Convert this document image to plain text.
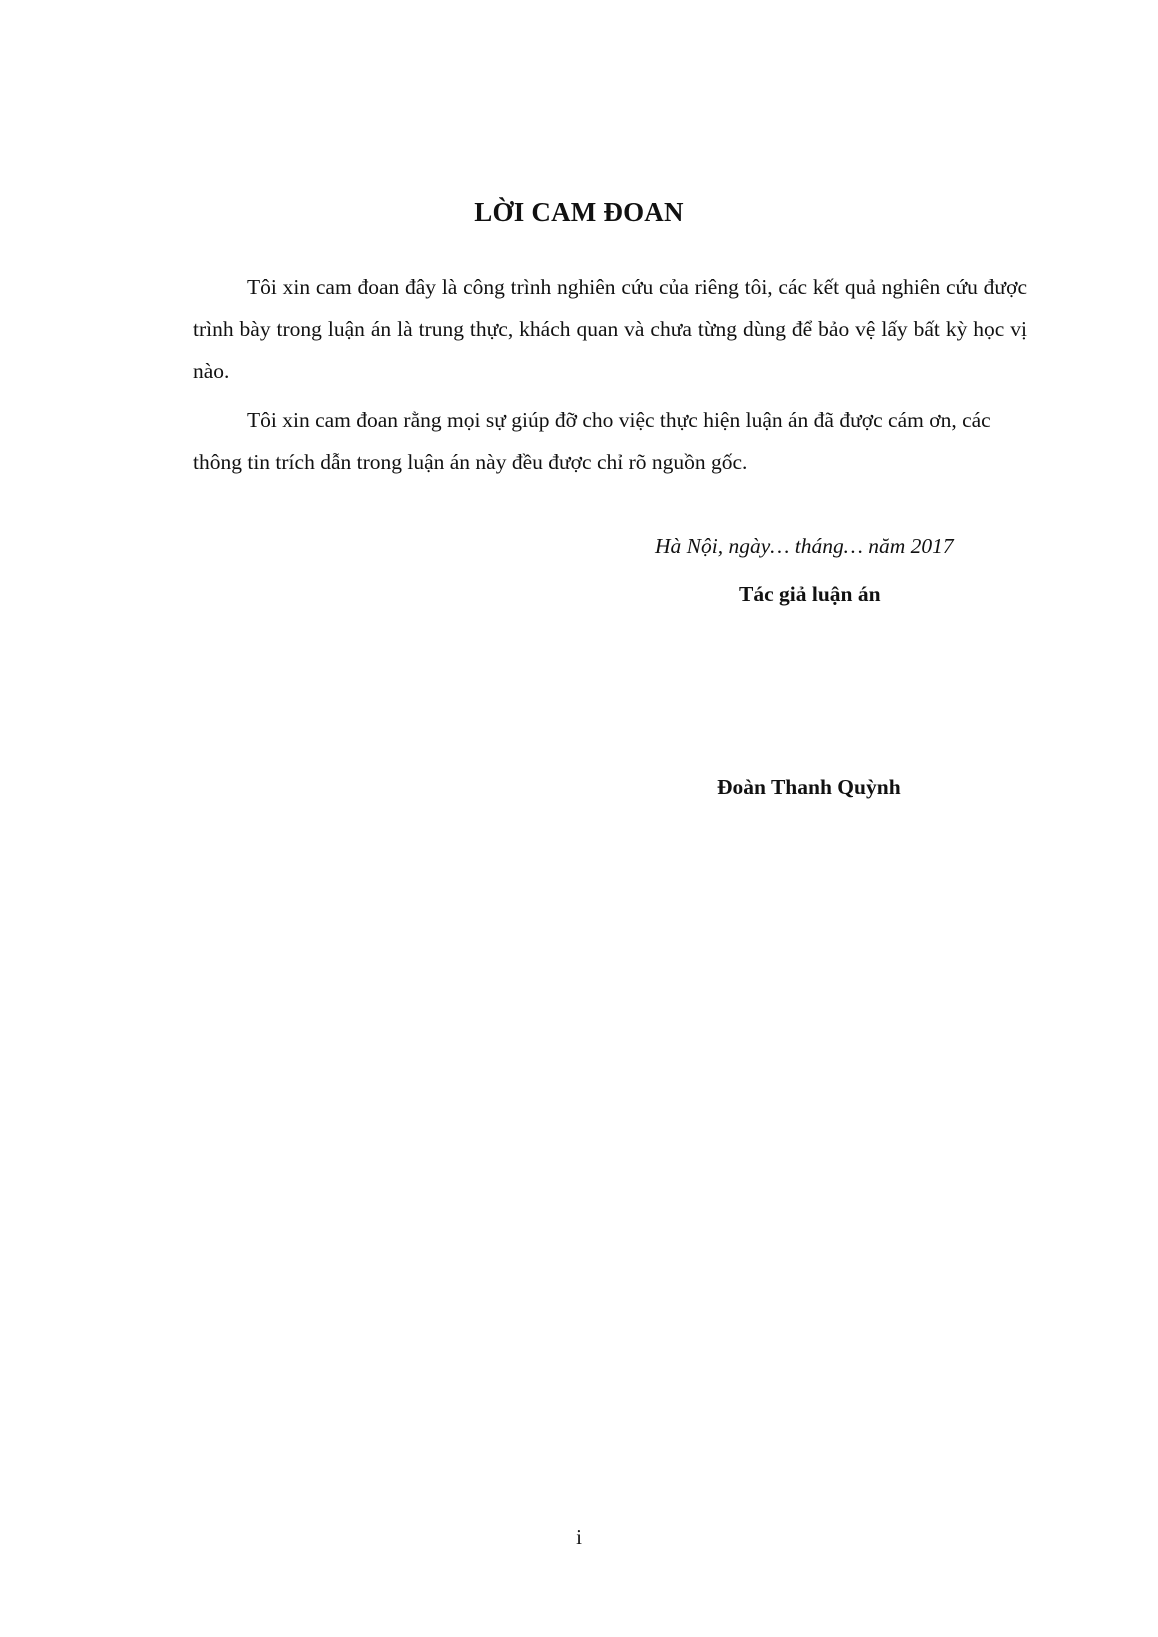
LỜI CAM ĐOAN

Tôi xin cam đoan đây là công trình nghiên cứu của riêng tôi, các kết quả nghiên cứu được trình bày trong luận án là trung thực, khách quan và chưa từng dùng để bảo vệ lấy bất kỳ học vị nào.

Tôi xin cam đoan rằng mọi sự giúp đỡ cho việc thực hiện luận án đã được cám ơn, các thông tin trích dẫn trong luận án này đều được chỉ rõ nguồn gốc.

Hà Nội, ngày… tháng… năm 2017
Tác giả luận án
Đoàn Thanh Quỳnh
i
